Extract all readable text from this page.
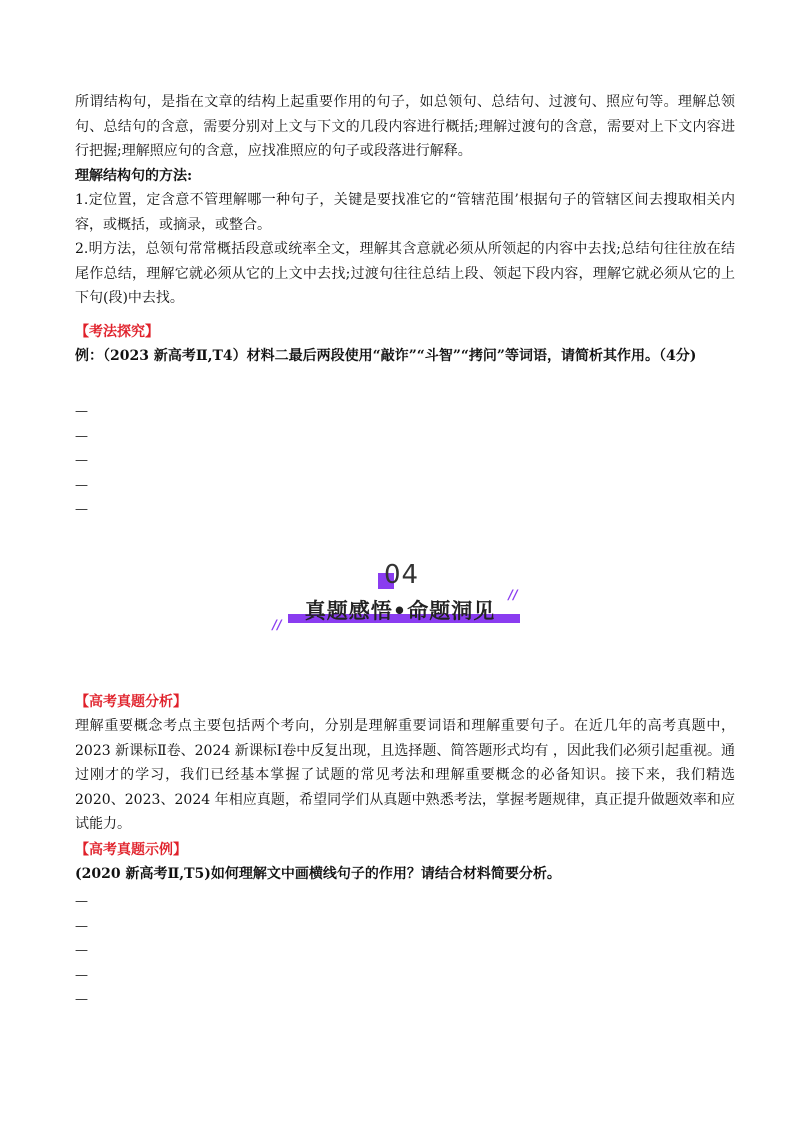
所谓结构句，是指在文章的结构上起重要作用的句子，如总领句、总结句、过渡句、照应句等。理解总领句、总结句的含意，需要分别对上文与下文的几段内容进行概括;理解过渡句的含意，需要对上下文内容进行把握;理解照应句的含意，应找准照应的句子或段落进行解释。

理解结构句的方法:

1.定位置，定含意不管理解哪一种句子，关键是要找准它的“管辖范围’根据句子的管辖区间去搜取相关内容，或概括，或摘录，或整合。

2.明方法，总领句常常概括段意或统率全文，理解其含意就必须从所领起的内容中去找;总结句往往放在结尾作总结，理解它就必须从它的上文中去找;过渡句往往总结上段、领起下段内容，理解它就必须从它的上下句(段)中去找。

【考法探究】

例：（2023 新高考Ⅱ,T4）材料二最后两段使用“敲诈”“斗智”“拷问”等词语，请简析其作用。（4分)

—
—
—
—
—
【高考真题分析】

理解重要概念考点主要包括两个考向，分别是理解重要词语和理解重要句子。在近几年的高考真题中，2023 新课标Ⅱ卷、2024 新课标Ⅰ卷中反复出现，且选择题、简答题形式均有 ，因此我们必须引起重视。通过刚才的学习，我们已经基本掌握了试题的常见考法和理解重要概念的必备知识。接下来，我们精选 2020、2023、2024 年相应真题，希望同学们从真题中熟悉考法，掌握考题规律，真正提升做题效率和应试能力。

【高考真题示例】

(2020 新高考Ⅱ,T5)如何理解文中画横线句子的作用？请结合材料简要分析。

—
—
—
—
—
04
真题感悟•命题洞见
//
//
